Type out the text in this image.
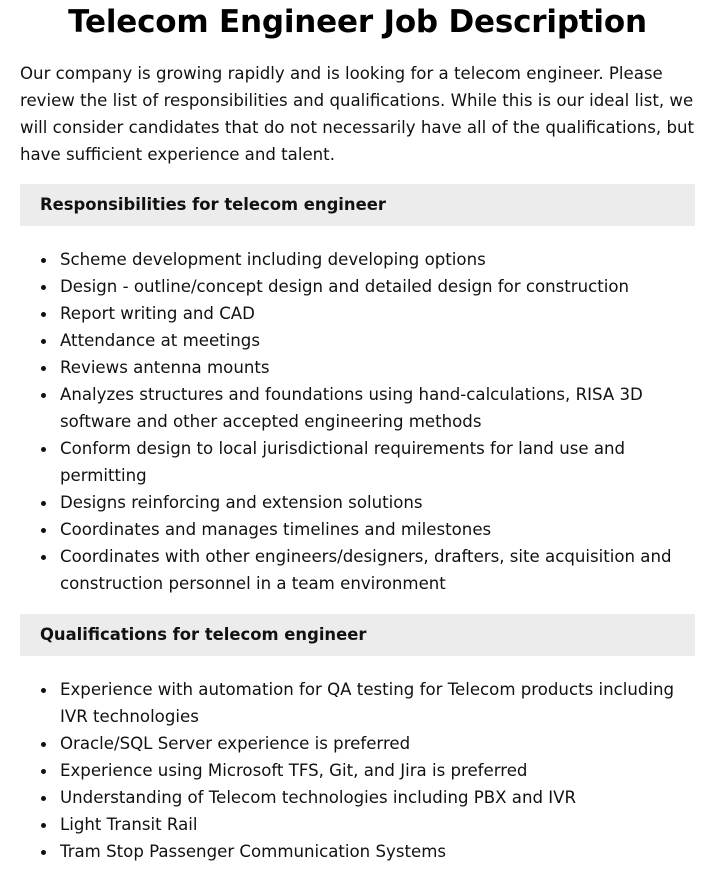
Telecom Engineer Job Description

Our company is growing rapidly and is looking for a telecom engineer. Please review the list of responsibilities and qualifications. While this is our ideal list, we will consider candidates that do not necessarily have all of the qualifications, but have sufficient experience and talent.

Responsibilities for telecom engineer
Scheme development including developing options
Design - outline/concept design and detailed design for construction
Report writing and CAD
Attendance at meetings
Reviews antenna mounts
Analyzes structures and foundations using hand-calculations, RISA 3D software and other accepted engineering methods
Conform design to local jurisdictional requirements for land use and permitting
Designs reinforcing and extension solutions
Coordinates and manages timelines and milestones
Coordinates with other engineers/designers, drafters, site acquisition and construction personnel in a team environment
Qualifications for telecom engineer
Experience with automation for QA testing for Telecom products including IVR technologies
Oracle/SQL Server experience is preferred
Experience using Microsoft TFS, Git, and Jira is preferred
Understanding of Telecom technologies including PBX and IVR
Light Transit Rail
Tram Stop Passenger Communication Systems
